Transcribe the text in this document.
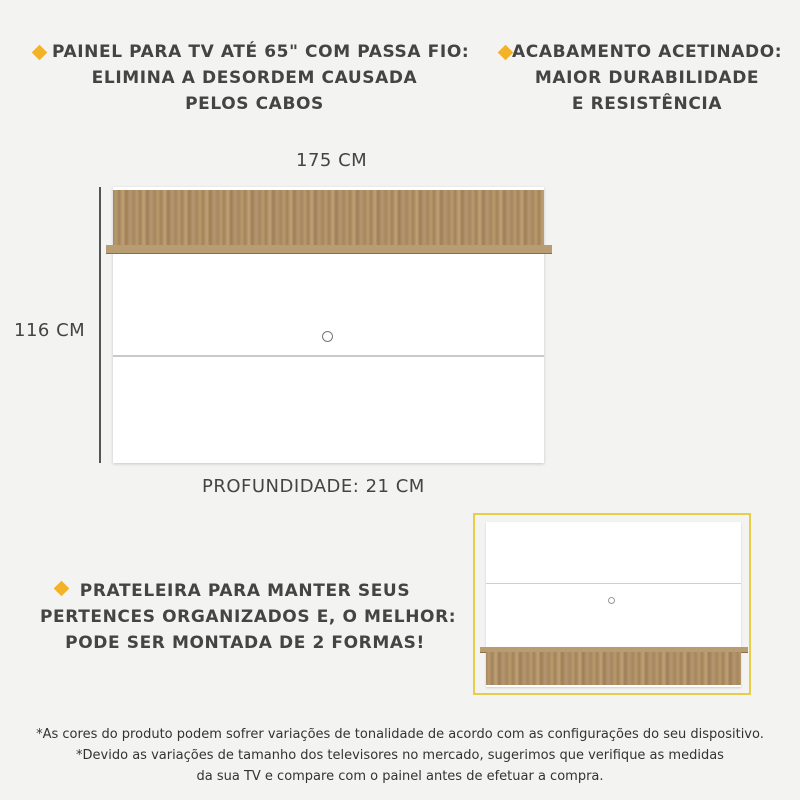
PAINEL PARA TV ATÉ 65" COM PASSA FIO:
ELIMINA A DESORDEM CAUSADA
PELOS CABOS
ACABAMENTO ACETINADO:
MAIOR DURABILIDADE
E RESISTÊNCIA
175 CM
116 CM
PROFUNDIDADE: 21 CM
PRATELEIRA PARA MANTER SEUS
PERTENCES ORGANIZADOS E, O MELHOR:
PODE SER MONTADA DE 2 FORMAS!
*As cores do produto podem sofrer variações de tonalidade de acordo com as configurações do seu dispositivo.
*Devido as variações de tamanho dos televisores no mercado, sugerimos que verifique as medidas
da sua TV e compare com o painel antes de efetuar a compra.
